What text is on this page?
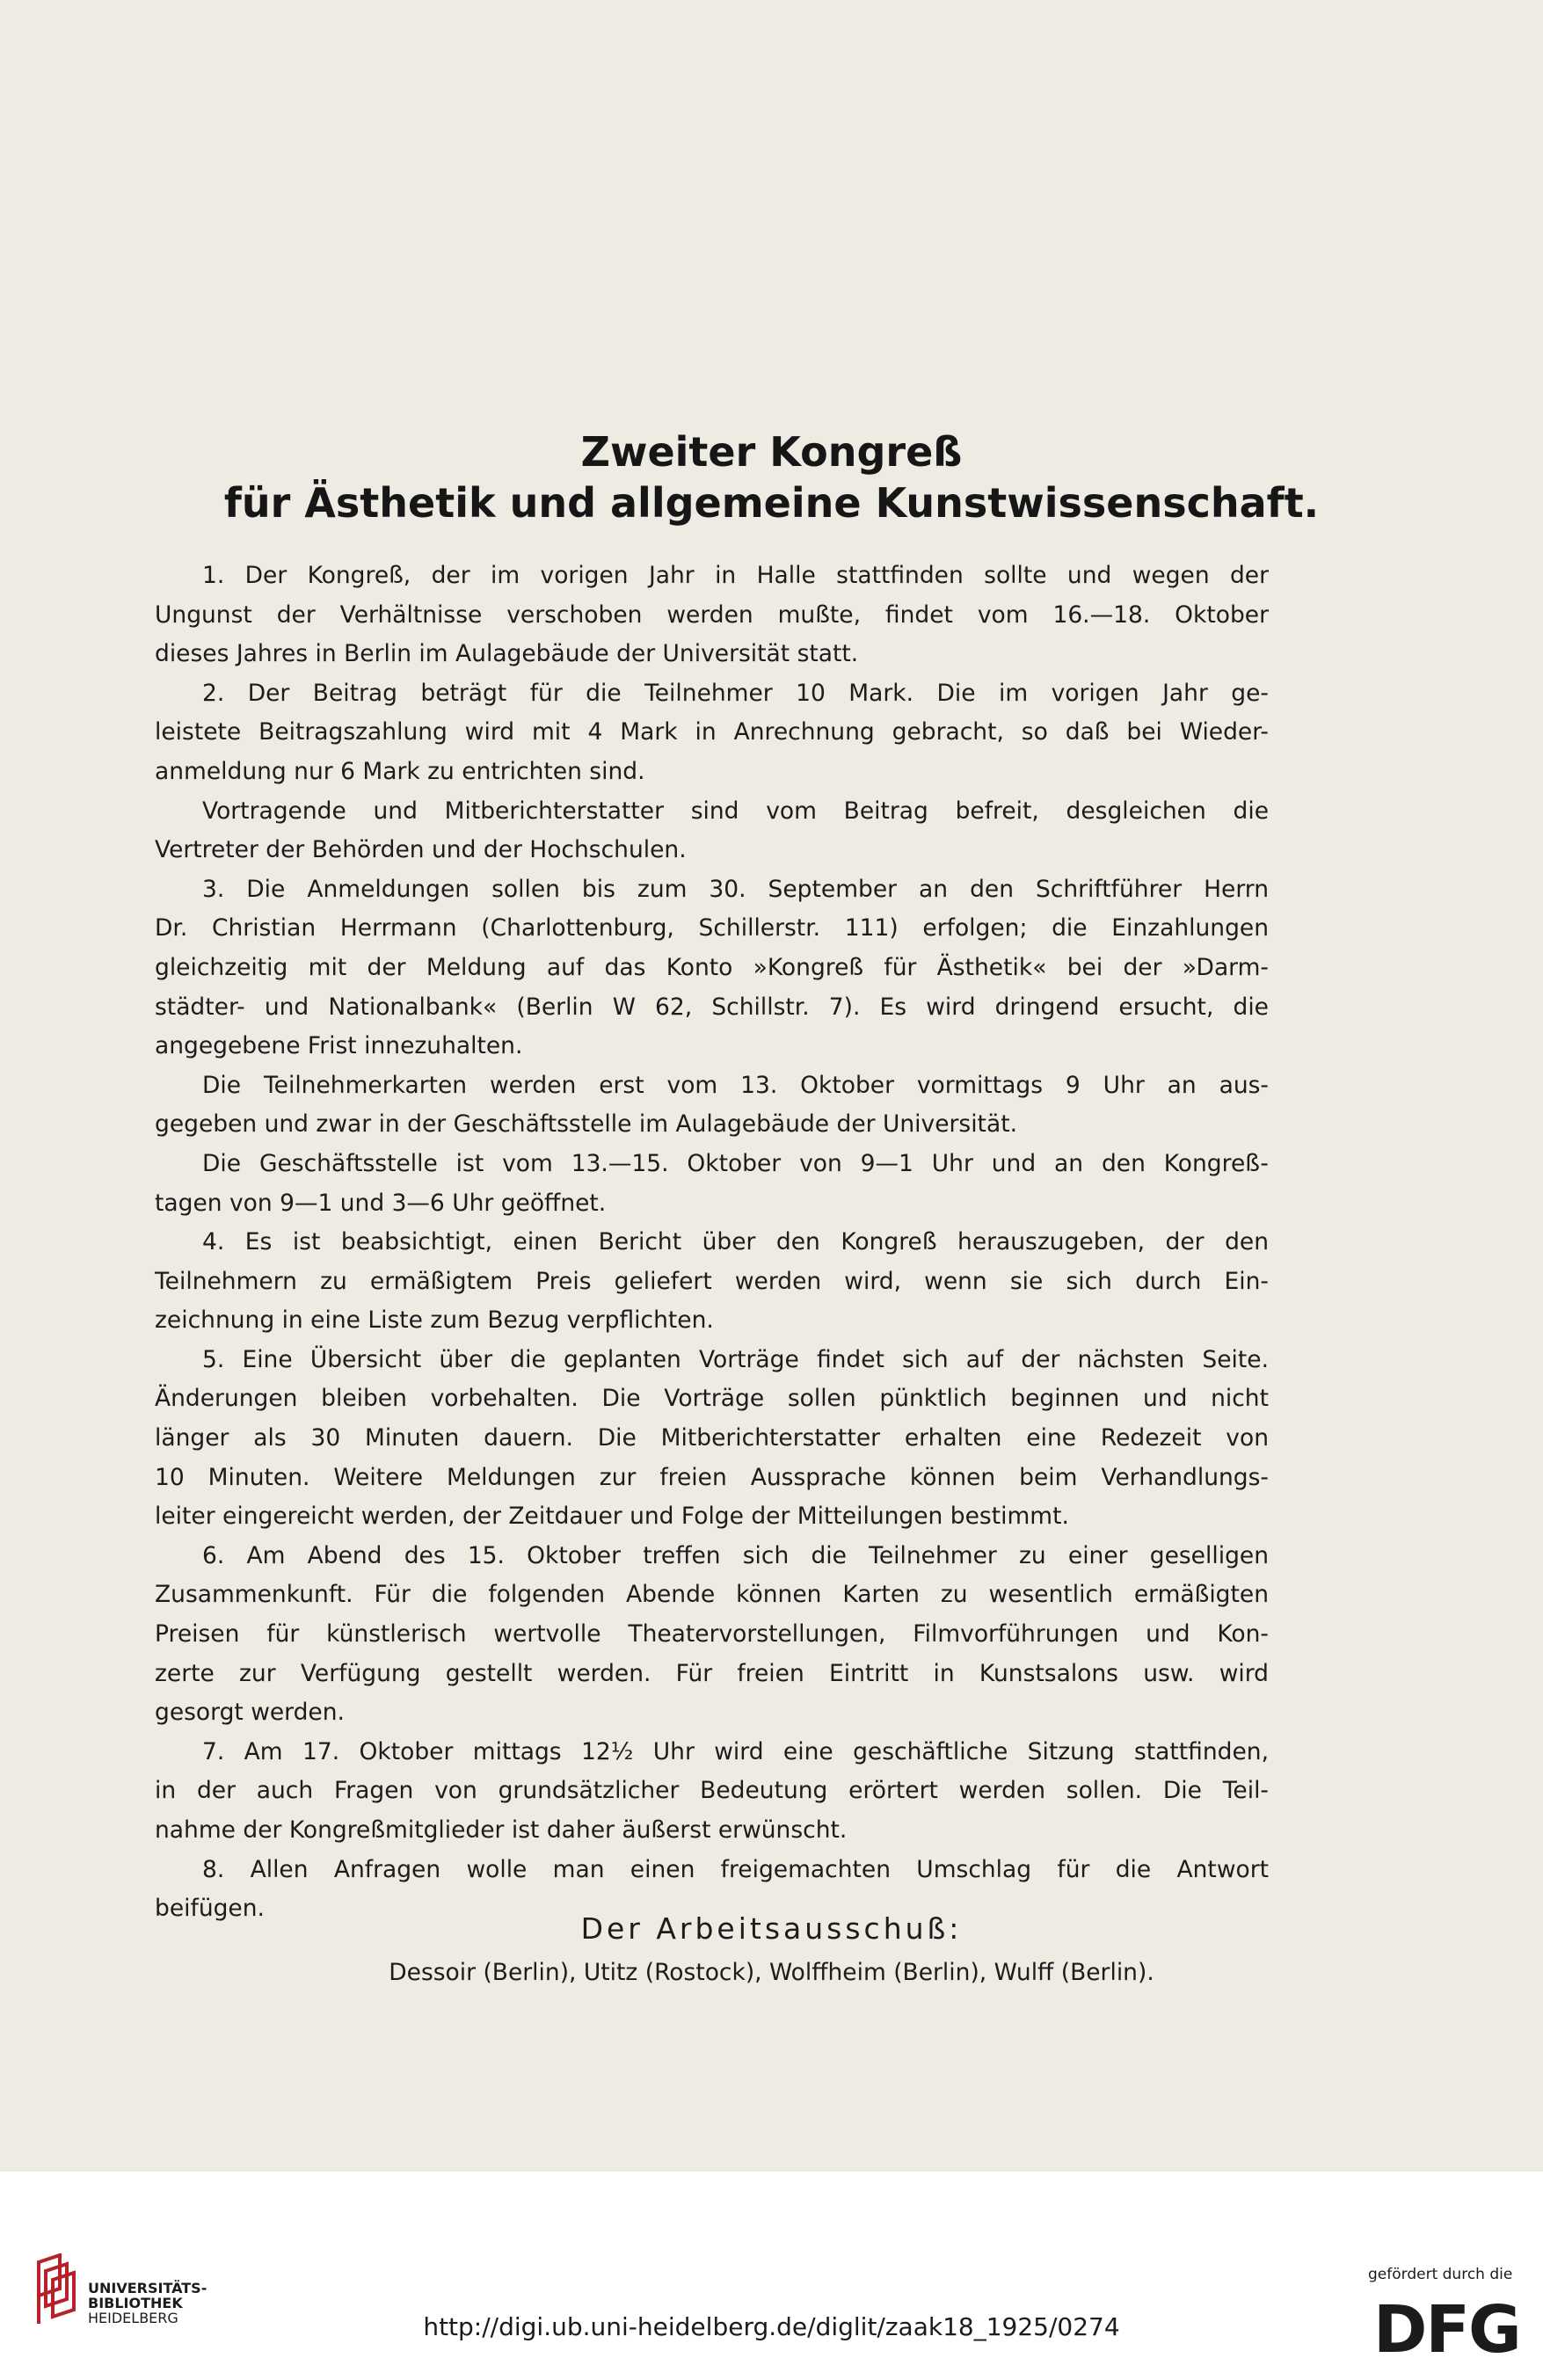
Zweiter Kongreß
für Ästhetik und allgemeine Kunstwissenschaft.

1. Der Kongreß, der im vorigen Jahr in Halle stattfinden sollte und wegen der

Ungunst der Verhältnisse verschoben werden mußte, findet vom 16.—18. Oktober

dieses Jahres in Berlin im Aulagebäude der Universität statt.

2. Der Beitrag beträgt für die Teilnehmer 10 Mark. Die im vorigen Jahr ge-

leistete Beitragszahlung wird mit 4 Mark in Anrechnung gebracht, so daß bei Wieder-

anmeldung nur 6 Mark zu entrichten sind.

Vortragende und Mitberichterstatter sind vom Beitrag befreit, desgleichen die

Vertreter der Behörden und der Hochschulen.

3. Die Anmeldungen sollen bis zum 30. September an den Schriftführer Herrn

Dr. Christian Herrmann (Charlottenburg, Schillerstr. 111) erfolgen; die Einzahlungen

gleichzeitig mit der Meldung auf das Konto »Kongreß für Ästhetik« bei der »Darm-

städter- und Nationalbank« (Berlin W 62, Schillstr. 7). Es wird dringend ersucht, die

angegebene Frist innezuhalten.

Die Teilnehmerkarten werden erst vom 13. Oktober vormittags 9 Uhr an aus-

gegeben und zwar in der Geschäftsstelle im Aulagebäude der Universität.

Die Geschäftsstelle ist vom 13.—15. Oktober von 9—1 Uhr und an den Kongreß-

tagen von 9—1 und 3—6 Uhr geöffnet.

4. Es ist beabsichtigt, einen Bericht über den Kongreß herauszugeben, der den

Teilnehmern zu ermäßigtem Preis geliefert werden wird, wenn sie sich durch Ein-

zeichnung in eine Liste zum Bezug verpflichten.

5. Eine Übersicht über die geplanten Vorträge findet sich auf der nächsten Seite.

Änderungen bleiben vorbehalten. Die Vorträge sollen pünktlich beginnen und nicht

länger als 30 Minuten dauern. Die Mitberichterstatter erhalten eine Redezeit von

10 Minuten. Weitere Meldungen zur freien Aussprache können beim Verhandlungs-

leiter eingereicht werden, der Zeitdauer und Folge der Mitteilungen bestimmt.

6. Am Abend des 15. Oktober treffen sich die Teilnehmer zu einer geselligen

Zusammenkunft. Für die folgenden Abende können Karten zu wesentlich ermäßigten

Preisen für künstlerisch wertvolle Theatervorstellungen, Filmvorführungen und Kon-

zerte zur Verfügung gestellt werden. Für freien Eintritt in Kunstsalons usw. wird

gesorgt werden.

7. Am 17. Oktober mittags 12½ Uhr wird eine geschäftliche Sitzung stattfinden,

in der auch Fragen von grundsätzlicher Bedeutung erörtert werden sollen. Die Teil-

nahme der Kongreßmitglieder ist daher äußerst erwünscht.

8. Allen Anfragen wolle man einen freigemachten Umschlag für die Antwort

beifügen.

Der Arbeitsausschuß:
Dessoir (Berlin), Utitz (Rostock), Wolffheim (Berlin), Wulff (Berlin).
UNIVERSITÄTS-
BIBLIOTHEK
HEIDELBERG	http://digi.ub.uni-heidelberg.de/diglit/zaak18_1925/0274
gefördert durch die
DFG
